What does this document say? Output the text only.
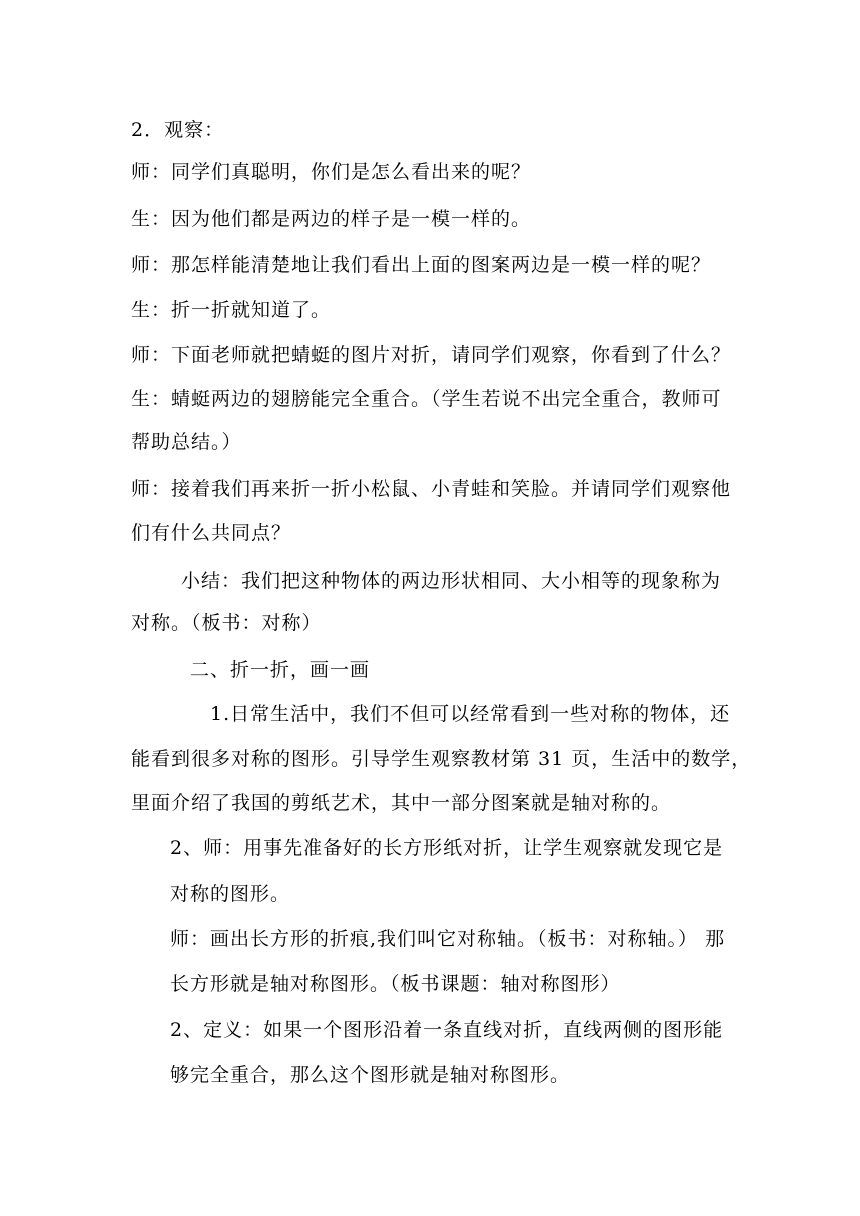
2．观察：
师：同学们真聪明，你们是怎么看出来的呢？
生：因为他们都是两边的样子是一模一样的。
师：那怎样能清楚地让我们看出上面的图案两边是一模一样的呢？
生：折一折就知道了。
师：下面老师就把蜻蜓的图片对折，请同学们观察，你看到了什么？
生：蜻蜓两边的翅膀能完全重合。（学生若说不出完全重合，教师可
帮助总结。）
师：接着我们再来折一折小松鼠、小青蛙和笑脸。并请同学们观察他
们有什么共同点？
小结：我们把这种物体的两边形状相同、大小相等的现象称为
对称。（板书：对称）
二、折一折，画一画
1.日常生活中，我们不但可以经常看到一些对称的物体，还
能看到很多对称的图形。引导学生观察教材第 31 页，生活中的数学，
里面介绍了我国的剪纸艺术，其中一部分图案就是轴对称的。
2、师：用事先准备好的长方形纸对折，让学生观察就发现它是
对称的图形。
师：画出长方形的折痕,我们叫它对称轴。（板书：对称轴。） 那
长方形就是轴对称图形。（板书课题：轴对称图形）
2、定义：如果一个图形沿着一条直线对折，直线两侧的图形能
够完全重合，那么这个图形就是轴对称图形。
